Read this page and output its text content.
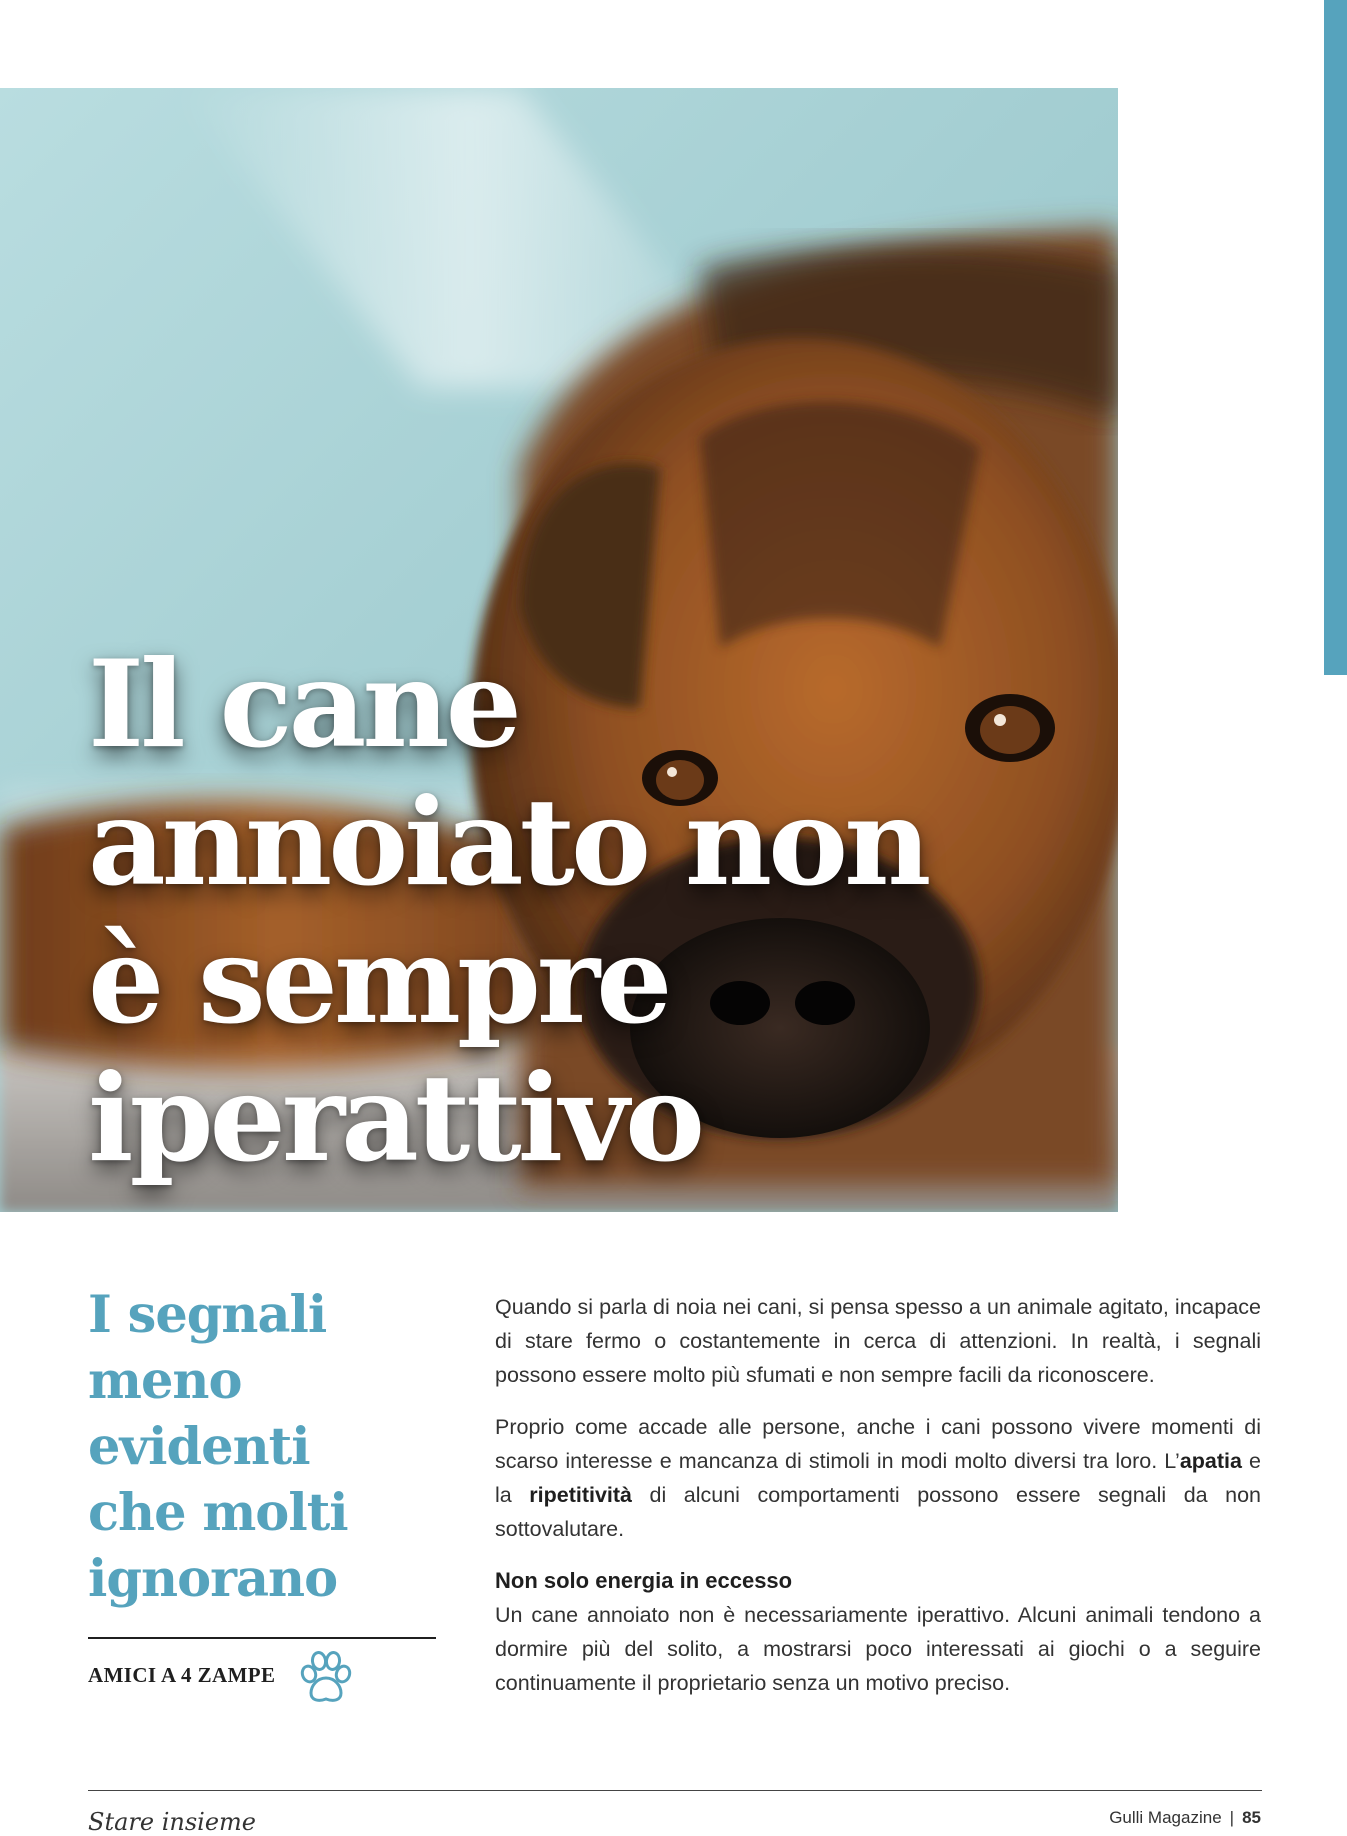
Il cane
annoiato non
è sempre
iperattivo
I segnali
meno
evidenti
che molti
ignorano
AMICI A 4 ZAMPE

Quando si parla di noia nei cani, si pensa spesso a un animale agitato, incapace di stare fermo o costantemente in cerca di attenzioni. In realtà, i segnali possono essere molto più sfumati e non sempre facili da riconoscere.

Proprio come accade alle persone, anche i cani possono vivere momenti di scarso interesse e mancanza di stimoli in modi molto diversi tra loro. L’apatia e la ripetitività di alcuni comportamenti possono essere segnali da non sottovalutare.

Non solo energia in eccesso

Un cane annoiato non è necessariamente iperattivo. Alcuni animali tendono a dormire più del solito, a mostrarsi poco interessati ai giochi o a seguire continuamente il proprietario senza un motivo preciso.

Stare insieme	Gulli Magazine | 85
